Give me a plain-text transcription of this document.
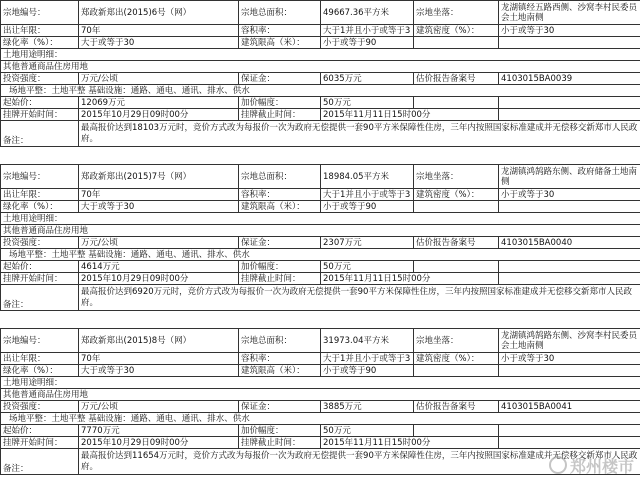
宗地编号：	郑政新郑出(2015)6号（网）	宗地总面积：	49667.36平方米	宗地坐落：	龙湖镇经五路西侧、沙窝李村民委员会土地南侧
出让年限：	70年	容积率：	大于1并且小于或等于3	建筑密度（%）：	小于或等于30
绿化率（%）：	大于或等于30	建筑限高（米）：	小于或等于90		
土地用途明细：					
其他普通商品住房用地					
投资强度：	万元/公顷	保证金：	6035万元	估价报告备案号	4103015BA0039
场地平整：土地平整 基础设施：通路、通电、通讯、排水、供水					
起始价：	12069万元	加价幅度：	50万元		
挂牌开始时间：	2015年10月29日09时00分	挂牌截止时间：	2015年11月11日15时00分		
备注：	最高报价达到18103万元时，竞价方式改为每报价一次为政府无偿提供一套90平方米保障性住房，三年内按照国家标准建成并无偿移交新郑市人民政府。				
宗地编号：	郑政新郑出(2015)7号（网）	宗地总面积：	18984.05平方米	宗地坐落：	龙湖镇鸿鹄路东侧、政府储备土地南侧
出让年限：	70年	容积率：	大于1并且小于或等于3	建筑密度（%）：	小于或等于30
绿化率（%）：	大于或等于30	建筑限高（米）：	小于或等于90		
土地用途明细：					
其他普通商品住房用地					
投资强度：	万元/公顷	保证金：	2307万元	估价报告备案号	4103015BA0040
场地平整：土地平整 基础设施：通路、通电、通讯、排水、供水					
起始价：	4614万元	加价幅度：	50万元		
挂牌开始时间：	2015年10月29日09时00分	挂牌截止时间：	2015年11月11日15时00分		
备注：	最高报价达到6920万元时，竞价方式改为每报价一次为政府无偿提供一套90平方米保障性住房，三年内按照国家标准建成并无偿移交新郑市人民政府。				
宗地编号：	郑政新郑出(2015)8号（网）	宗地总面积：	31973.04平方米	宗地坐落：	龙湖镇鸿鹄路东侧、沙窝李村民委员会土地南侧
出让年限：	70年	容积率：	大于1并且小于或等于3	建筑密度（%）：	小于或等于30
绿化率（%）：	大于或等于30	建筑限高（米）：	小于或等于90		
土地用途明细：					
其他普通商品住房用地					
投资强度：	万元/公顷	保证金：	3885万元	估价报告备案号	4103015BA0041
场地平整：土地平整 基础设施：通路、通电、通讯、排水、供水					
起始价：	7770万元	加价幅度：	50万元		
挂牌开始时间：	2015年10月29日09时00分	挂牌截止时间：	2015年11月11日15时00分		
备注：	最高报价达到11654万元时，竞价方式改为每报价一次为政府无偿提供一套90平方米保障性住房，三年内按照国家标准建成并无偿移交新郑市人民政府。					郑州楼市
